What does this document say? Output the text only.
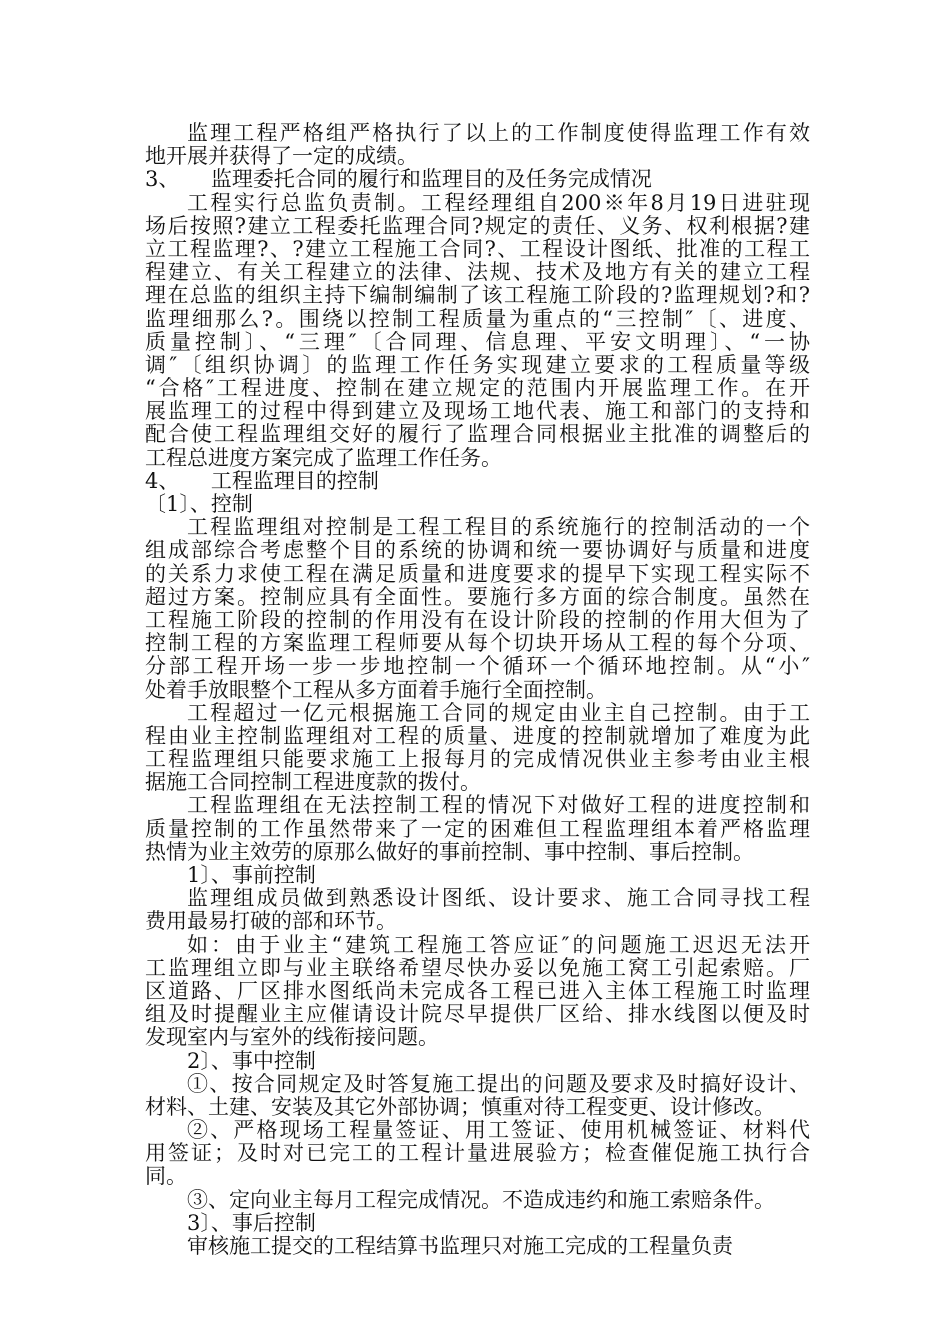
监理工程严格组严格执行了以上的工作制度使得监理工作有效
地开展并获得了一定的成绩。
3、　　监理委托合同的履行和监理目的及任务完成情况
工程实行总监负责制。工程经理组自200※年8月19日进驻现
场后按照?建立工程委托监理合同?规定的责任、义务、权利根据?建
立工程监理?、?建立工程施工合同?、工程设计图纸、批准的工程工
程建立、有关工程建立的法律、法规、技术及地方有关的建立工程
理在总监的组织主持下编制编制了该工程施工阶段的?监理规划?和?
监理细那么?。围绕以控制工程质量为重点的“三控制″〔、进度、
质量控制〕、“三理″〔合同理、信息理、平安文明理〕、“一协
调″〔组织协调〕的监理工作任务实现建立要求的工程质量等级
“合格″工程进度、控制在建立规定的范围内开展监理工作。在开
展监理工的过程中得到建立及现场工地代表、施工和部门的支持和
配合使工程监理组交好的履行了监理合同根据业主批准的调整后的
工程总进度方案完成了监理工作任务。
4、　　工程监理目的控制
〔1〕、控制
工程监理组对控制是工程工程目的系统施行的控制活动的一个
组成部综合考虑整个目的系统的协调和统一要协调好与质量和进度
的关系力求使工程在满足质量和进度要求的提早下实现工程实际不
超过方案。控制应具有全面性。要施行多方面的综合制度。虽然在
工程施工阶段的控制的作用没有在设计阶段的控制的作用大但为了
控制工程的方案监理工程师要从每个切块开场从工程的每个分项、
分部工程开场一步一步地控制一个循环一个循环地控制。从“小″
处着手放眼整个工程从多方面着手施行全面控制。
工程超过一亿元根据施工合同的规定由业主自己控制。由于工
程由业主控制监理组对工程的质量、进度的控制就增加了难度为此
工程监理组只能要求施工上报每月的完成情况供业主参考由业主根
据施工合同控制工程进度款的拨付。
工程监理组在无法控制工程的情况下对做好工程的进度控制和
质量控制的工作虽然带来了一定的困难但工程监理组本着严格监理
热情为业主效劳的原那么做好的事前控制、事中控制、事后控制。
1〕、事前控制
监理组成员做到熟悉设计图纸、设计要求、施工合同寻找工程
费用最易打破的部和环节。
如：由于业主“建筑工程施工答应证″的问题施工迟迟无法开
工监理组立即与业主联络希望尽快办妥以免施工窝工引起索赔。厂
区道路、厂区排水图纸尚未完成各工程已进入主体工程施工时监理
组及时提醒业主应催请设计院尽早提供厂区给、排水线图以便及时
发现室内与室外的线衔接问题。
2〕、事中控制
①、按合同规定及时答复施工提出的问题及要求及时搞好设计、
材料、土建、安装及其它外部协调；慎重对待工程变更、设计修改。
②、严格现场工程量签证、用工签证、使用机械签证、材料代
用签证；及时对已完工的工程计量进展验方；检查催促施工执行合
同。
③、定向业主每月工程完成情况。不造成违约和施工索赔条件。
3〕、事后控制
审核施工提交的工程结算书监理只对施工完成的工程量负责
